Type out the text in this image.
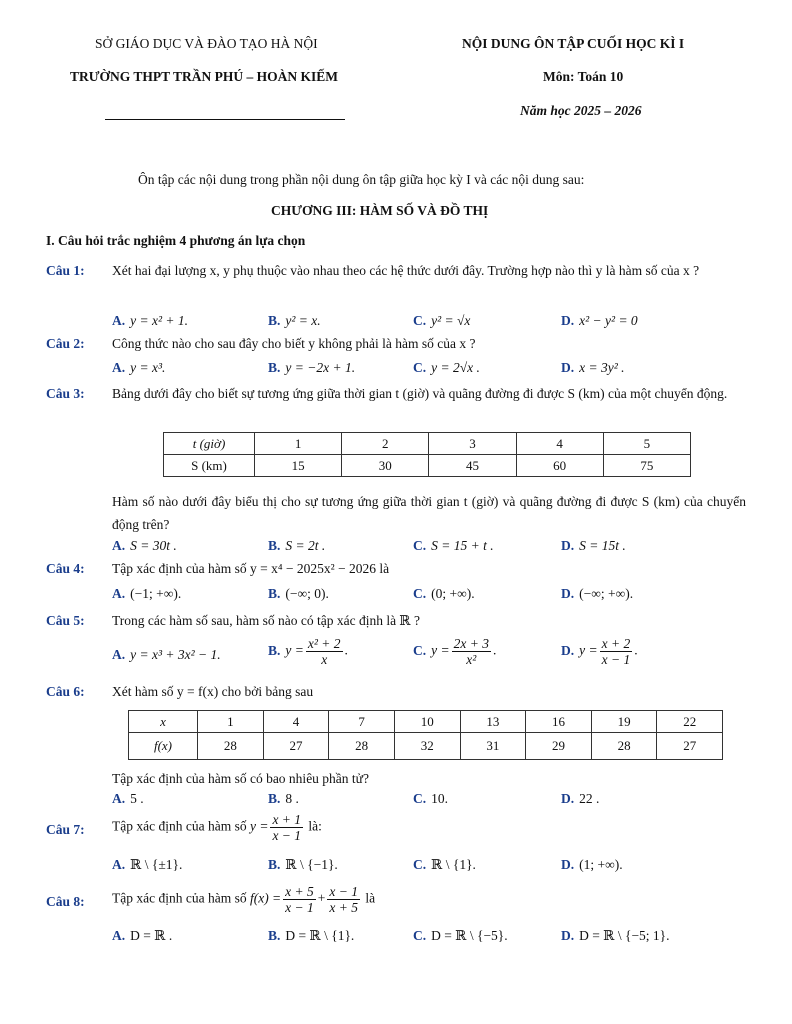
SỞ GIÁO DỤC VÀ ĐÀO TẠO HÀ NỘI
TRƯỜNG THPT TRẦN PHÚ – HOÀN KIẾM
NỘI DUNG ÔN TẬP CUỐI HỌC KÌ I
Môn: Toán 10
Năm học 2025 – 2026
Ôn tập các nội dung trong phần nội dung ôn tập giữa học kỳ I và các nội dung sau:
CHƯƠNG III: HÀM SỐ VÀ ĐỒ THỊ
I. Câu hỏi trắc nghiệm 4 phương án lựa chọn
Câu 1: Xét hai đại lượng x, y phụ thuộc vào nhau theo các hệ thức dưới đây. Trường hợp nào thì y là hàm số của x ?
A. y = x² + 1.	B. y² = x.	C. y² = √x	D. x² − y² = 0
Câu 2: Công thức nào cho sau đây cho biết y không phải là hàm số của x ?
A. y = x³.	B. y = −2x + 1.	C. y = 2√x .	D. x = 3y² .
Câu 3: Bảng dưới đây cho biết sự tương ứng giữa thời gian t (giờ) và quãng đường đi được S (km) của một chuyển động.
t (giờ)	1	2	3	4	5
S (km)	15	30	45	60	75
Hàm số nào dưới đây biểu thị cho sự tương ứng giữa thời gian t (giờ) và quãng đường đi được S (km) của chuyển động trên?
A. S = 30t .	B. S = 2t .	C. S = 15 + t .	D. S = 15t .
Câu 4: Tập xác định của hàm số y = x⁴ − 2025x² − 2026 là
A. (−1; +∞).	B. (−∞; 0).	C. (0; +∞).	D. (−∞; +∞).
Câu 5: Trong các hàm số sau, hàm số nào có tập xác định là ℝ ?
A. y = x³ + 3x² − 1.	B. $y = \frac{\text{x² + 2}}{x}$ .	C. $y = \frac{2x + 3}{\text{x²}}$ .	D. $y = \frac{x + 2}{x - 1}$ .
Câu 6: Xét hàm số y = f(x) cho bởi bảng sau
x	1	4	7	10	13	16	19	22
f(x)	28	27	28	32	31	29	28	27
Tập xác định của hàm số có bao nhiêu phần tử?
A. 5 .	B. 8 .	C. 10.	D. 22 .
Câu 7: Tập xác định của hàm số $y = \frac{x + 1}{x - 1}$ là:
A. ℝ \ {±1}.	B. ℝ \ {−1}.	C. ℝ \ {1}.	D. (1; +∞).
Câu 8: Tập xác định của hàm số $f(x) = \frac{x + 5}{x - 1} + \frac{x - 1}{x + 5}$ là
A. D = ℝ .	B. D = ℝ \ {1}.	C. D = ℝ \ {−5}.	D. D = ℝ \ {−5; 1}.
